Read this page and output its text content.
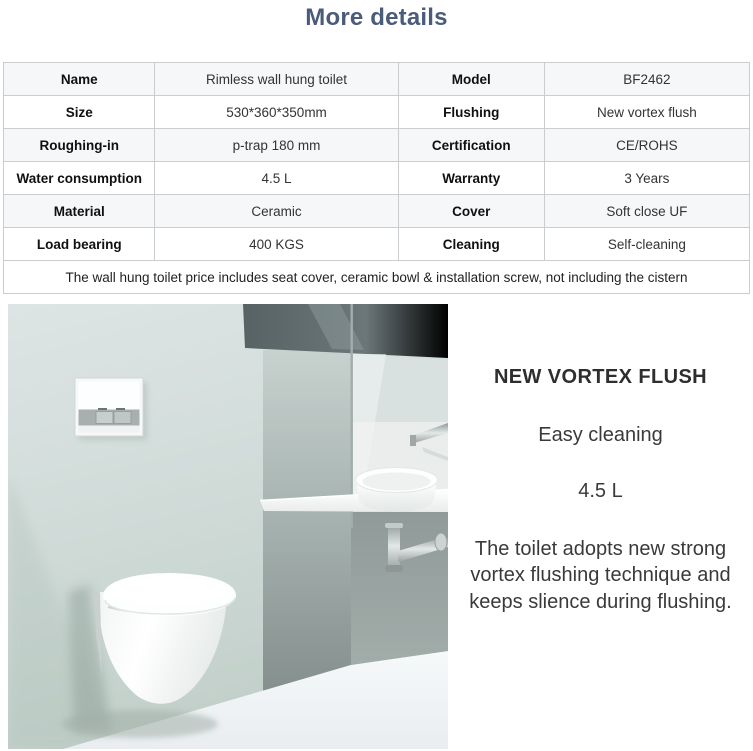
More details
Name	Rimless wall hung toilet	Model	BF2462
Size	530*360*350mm	Flushing	New vortex flush
Roughing-in	p-trap 180 mm	Certification	CE/ROHS
Water consumption	4.5 L	Warranty	3 Years
Material	Ceramic	Cover	Soft close UF
Load bearing	400 KGS	Cleaning	Self-cleaning
The wall hung toilet price includes seat cover, ceramic bowl & installation screw, not including the cistern			
NEW VORTEX FLUSH
Easy cleaning
4.5 L
The toilet adopts new strong vortex flushing technique and keeps slience during flushing.
